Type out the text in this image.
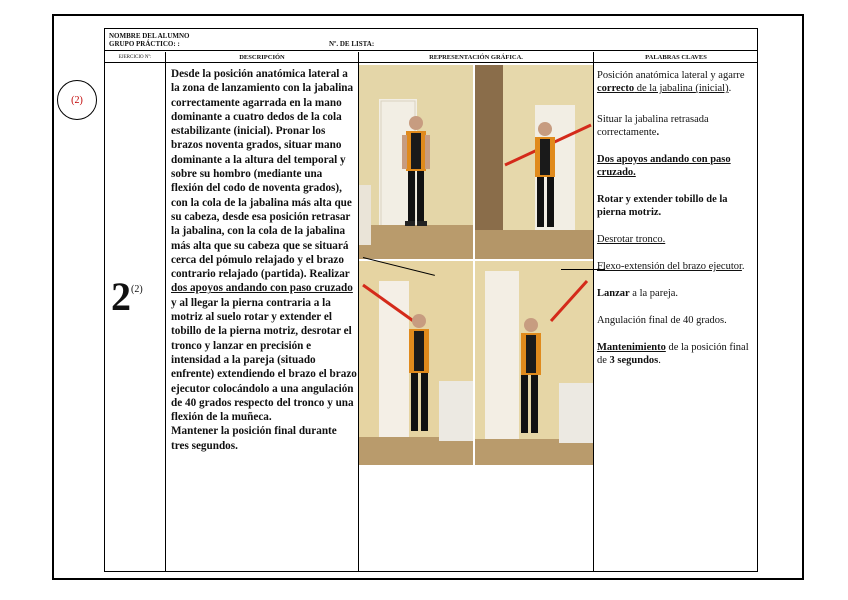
(2)
NOMBRE DEL ALUMNO
GRUPO PRÁCTICO: :	Nº. DE LISTA:
EJERCICIO Nº:	DESCRIPCIÓN	REPRESENTACIÓN GRÁFICA.	PALABRAS CLAVES
2$^{(2)}$
Desde la posición anatómica lateral a la zona de lanzamiento con la jabalina correctamente agarrada en la mano dominante a cuatro dedos de la cola estabilizante (inicial). Pronar los brazos noventa grados, situar mano dominante a la altura del temporal y sobre su hombro (mediante una flexión del codo de noventa grados), con la cola de la jabalina más alta que su cabeza, desde esa posición retrasar la jabalina, con la cola de la jabalina más alta que su cabeza que se situará cerca del pómulo relajado y el brazo contrario relajado (partida). Realizar dos apoyos andando con paso cruzado y al llegar la pierna contraria a la motriz al suelo rotar y extender el tobillo de la pierna motriz, desrotar el tronco y lanzar en precisión e intensidad a la pareja (situado enfrente) extendiendo el brazo el brazo ejecutor colocándolo a una angulación de 40 grados respecto del tronco y una flexión de la muñeca.
Mantener la posición final durante tres segundos.

Posición anatómica lateral y agarre correcto de la jabalina (inicial).

Situar la jabalina retrasada correctamente.

Dos apoyos andando con paso cruzado.

Rotar y extender tobillo de la pierna motriz.

Desrotar tronco.

Flexo-extensión del brazo ejecutor.

Lanzar a la pareja.

Angulación final de 40 grados.

Mantenimiento de la posición final de 3 segundos.
